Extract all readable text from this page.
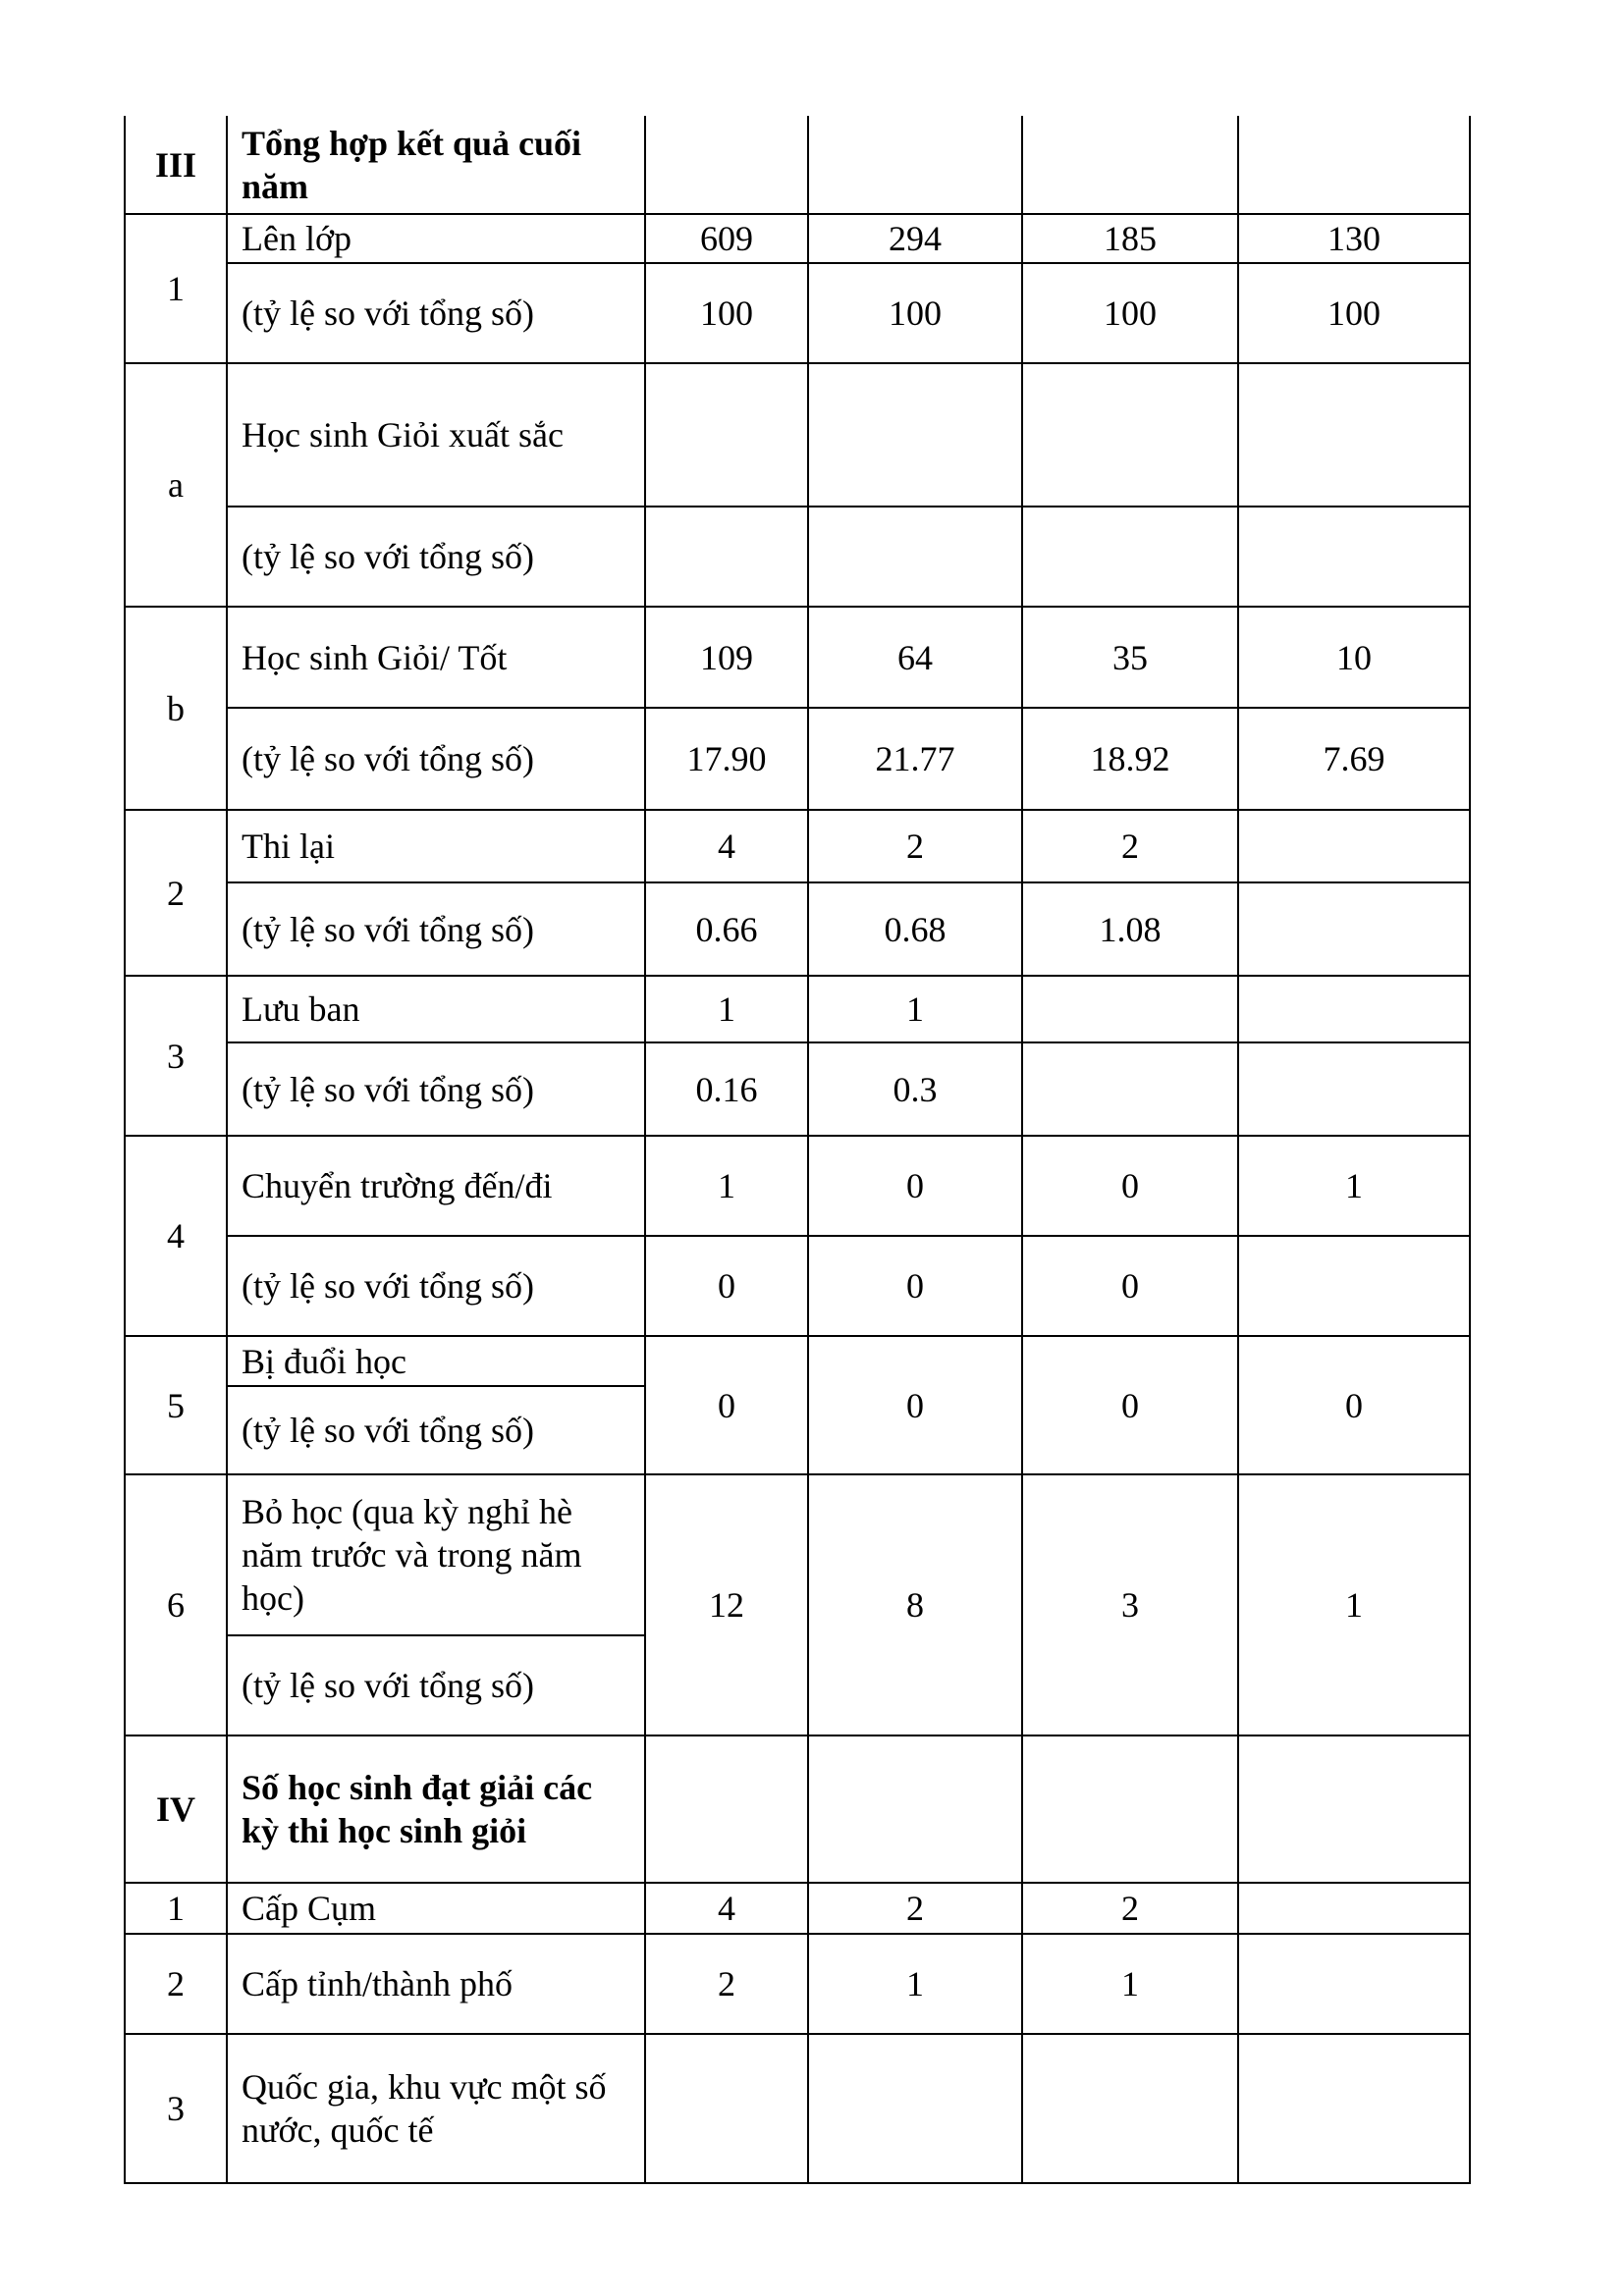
III	Tổng hợp kết quả cuối năm				
1	Lên lớp	609	294	185	130
	(tỷ lệ so với tổng số)	100	100	100	100
a	Học sinh Giỏi xuất sắc				
	(tỷ lệ so với tổng số)				
b	Học sinh Giỏi/ Tốt	109	64	35	10
	(tỷ lệ so với tổng số)	17.90	21.77	18.92	7.69
2	Thi lại	4	2	2	
	(tỷ lệ so với tổng số)	0.66	0.68	1.08	
3	Lưu ban	1	1		
	(tỷ lệ so với tổng số)	0.16	0.3		
4	Chuyển trường đến/đi	1	0	0	1
	(tỷ lệ so với tổng số)	0	0	0	
5	Bị đuổi học	0	0	0	0
	(tỷ lệ so với tổng số)				
6	Bỏ học (qua kỳ nghỉ hè năm trước và trong năm học)	12	8	3	1
	(tỷ lệ so với tổng số)				
IV	Số học sinh đạt giải các kỳ thi học sinh giỏi				
1	Cấp Cụm	4	2	2	
2	Cấp tỉnh/thành phố	2	1	1	
3	Quốc gia, khu vực một số nước, quốc tế				
